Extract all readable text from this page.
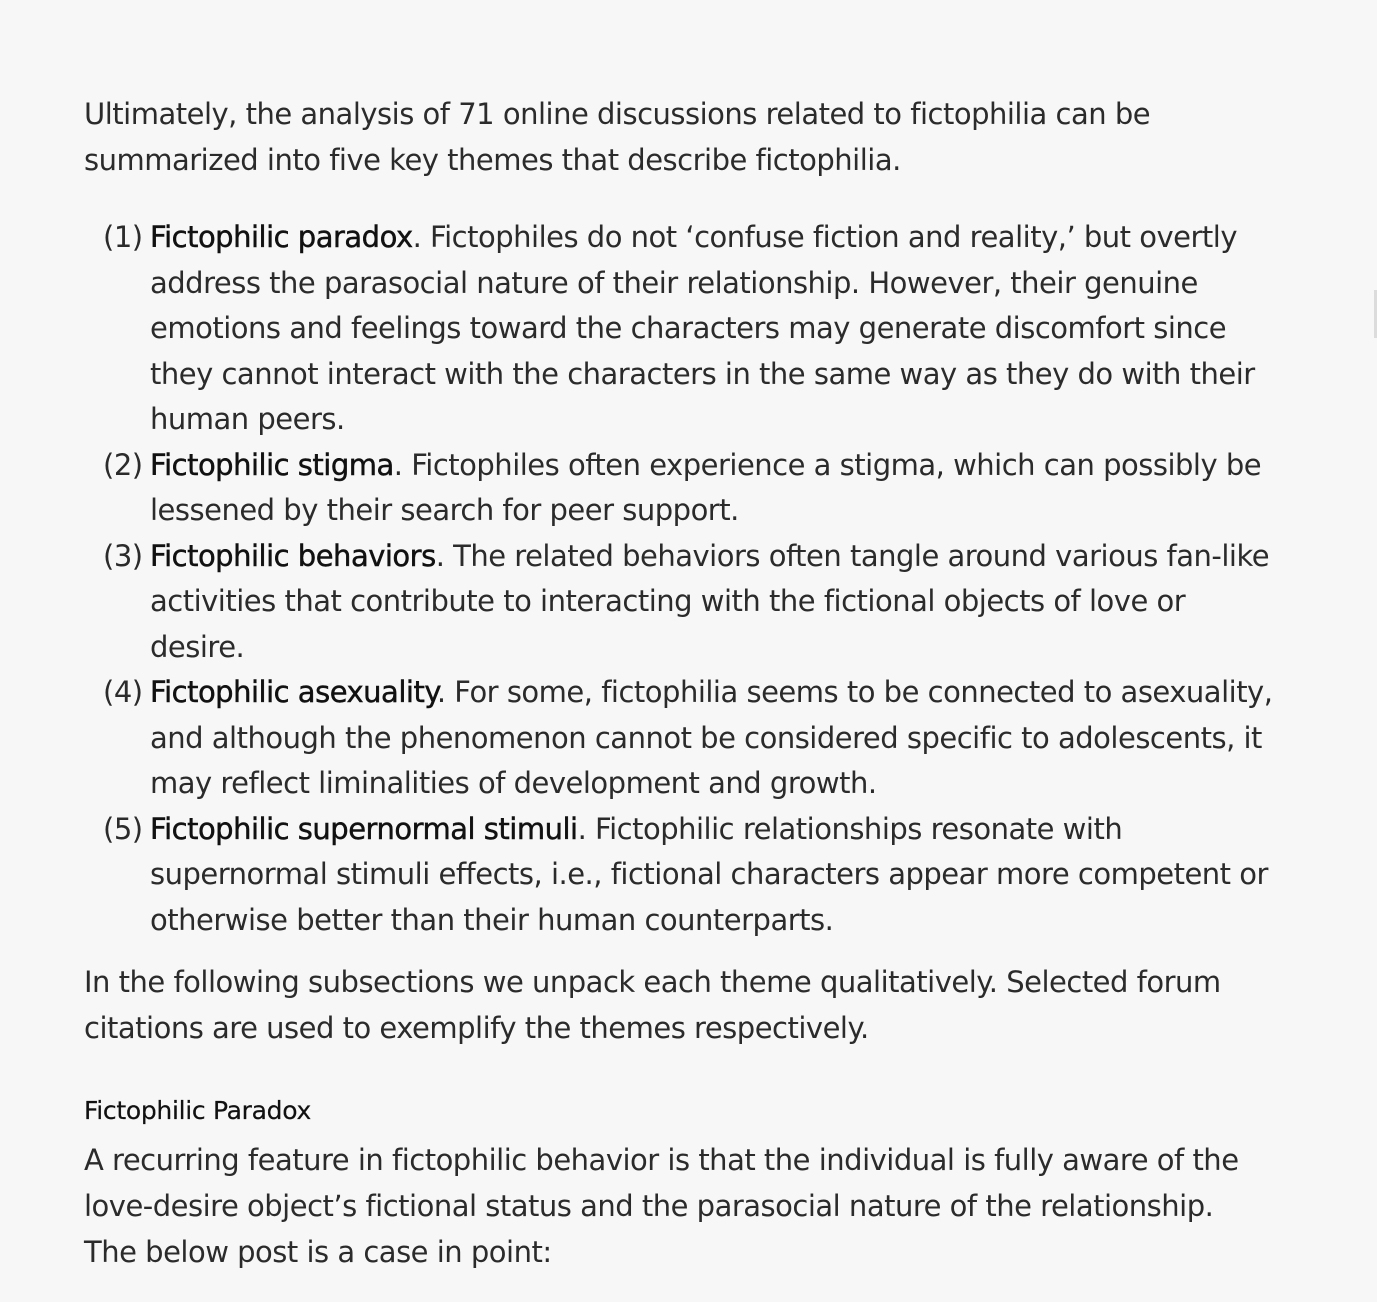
Ultimately, the analysis of 71 online discussions related to fictophilia can be summarized into five key themes that describe fictophilia.

(1) Fictophilic paradox. Fictophiles do not ‘confuse fiction and reality,’ but overtly address the parasocial nature of their relationship. However, their genuine emotions and feelings toward the characters may generate discomfort since they cannot interact with the characters in the same way as they do with their human peers.
(2) Fictophilic stigma. Fictophiles often experience a stigma, which can possibly be lessened by their search for peer support.
(3) Fictophilic behaviors. The related behaviors often tangle around various fan-like activities that contribute to interacting with the fictional objects of love or desire.
(4) Fictophilic asexuality. For some, fictophilia seems to be connected to asexuality, and although the phenomenon cannot be considered specific to adolescents, it may reflect liminalities of development and growth.
(5) Fictophilic supernormal stimuli. Fictophilic relationships resonate with supernormal stimuli effects, i.e., fictional characters appear more competent or otherwise better than their human counterparts.

In the following subsections we unpack each theme qualitatively. Selected forum citations are used to exemplify the themes respectively.

Fictophilic Paradox

A recurring feature in fictophilic behavior is that the individual is fully aware of the love-desire object’s fictional status and the parasocial nature of the relationship. The below post is a case in point:
